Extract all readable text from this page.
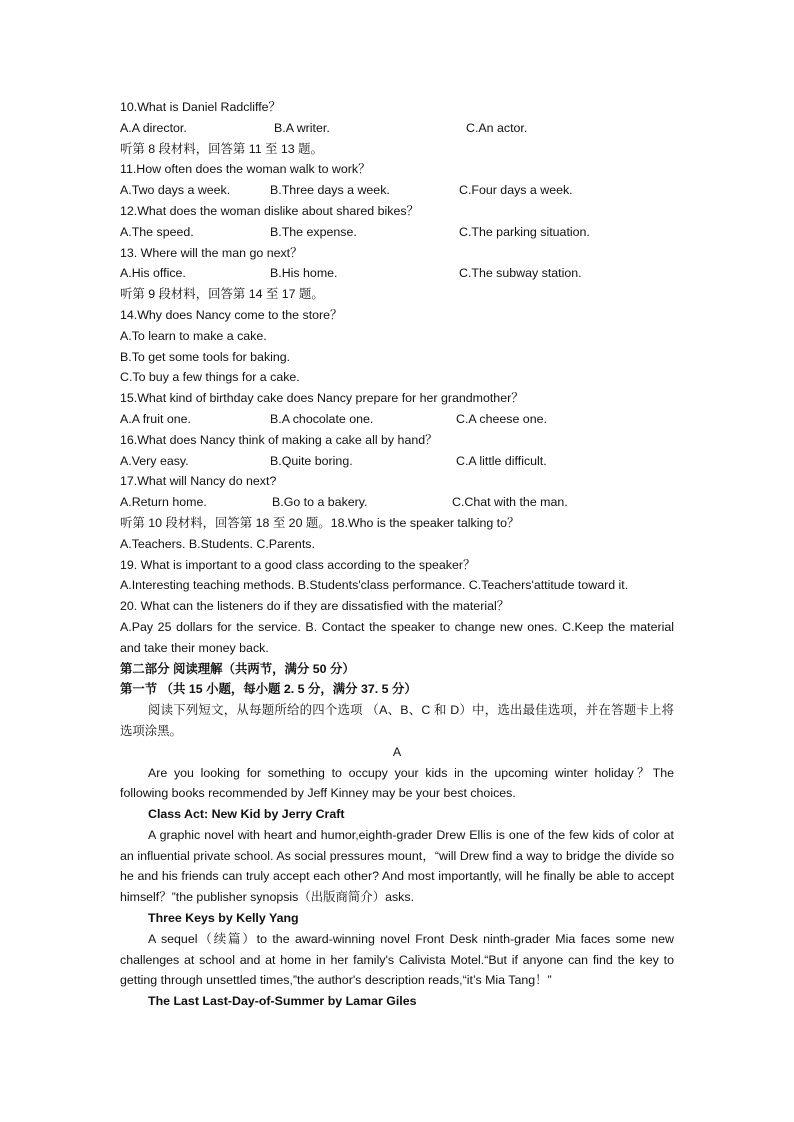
10.What is Daniel Radcliffe？
A.A director.	B.A writer.	C.An actor.
听第 8 段材料，回答第 11 至 13 题。
11.How often does the woman walk to work？
A.Two days a week.	B.Three days a week.	C.Four days a week.
12.What does the woman dislike about shared bikes？
A.The speed.	B.The expense.	C.The parking situation.
13. Where will the man go next？
A.His office.	B.His home.	C.The subway station.
听第 9 段材料，回答第 14 至 17 题。
14.Why does Nancy come to the store？
A.To learn to make a cake.
B.To get some tools for baking.
C.To buy a few things for a cake.
15.What kind of birthday cake does Nancy prepare for her grandmother？
A.A fruit one.	B.A chocolate one.	C.A cheese one.
16.What does Nancy think of making a cake all by hand？
A.Very easy.	B.Quite boring.	C.A little difficult.
17.What will Nancy do next?
A.Return home.	B.Go to a bakery.	C.Chat with the man.
听第 10 段材料，回答第 18 至 20 题。18.Who is the speaker talking to？
A.Teachers. B.Students. C.Parents.
19. What is important to a good class according to the speaker？
A.Interesting teaching methods. B.Students'class performance. C.Teachers'attitude toward it.
20. What can the listeners do if they are dissatisfied with the material？
A.Pay 25 dollars for the service. B. Contact the speaker to change new ones. C.Keep the material and take their money back.
第二部分 阅读理解（共两节，满分 50 分）
第一节 （共 15 小题，每小题 2. 5 分，满分 37. 5 分）
阅读下列短文，从每题所给的四个选项 （A、B、C 和 D）中，选出最佳选项，并在答题卡上将选项涂黑。
A
Are you looking for something to occupy your kids in the upcoming winter holiday？The following books recommended by Jeff Kinney may be your best choices.
Class Act: New Kid by Jerry Craft
A graphic novel with heart and humor,eighth-grader Drew Ellis is one of the few kids of color at an influential private school. As social pressures mount，“will Drew find a way to bridge the divide so he and his friends can truly accept each other? And most importantly, will he finally be able to accept himself？”the publisher synopsis（出版商简介）asks.
Three Keys by Kelly Yang
A sequel（续篇）to the award-winning novel Front Desk ninth-grader Mia faces some new challenges at school and at home in her family's Calivista Motel.“But if anyone can find the key to getting through unsettled times,”the author's description reads,“it’s Mia Tang！”
The Last Last-Day-of-Summer by Lamar Giles
